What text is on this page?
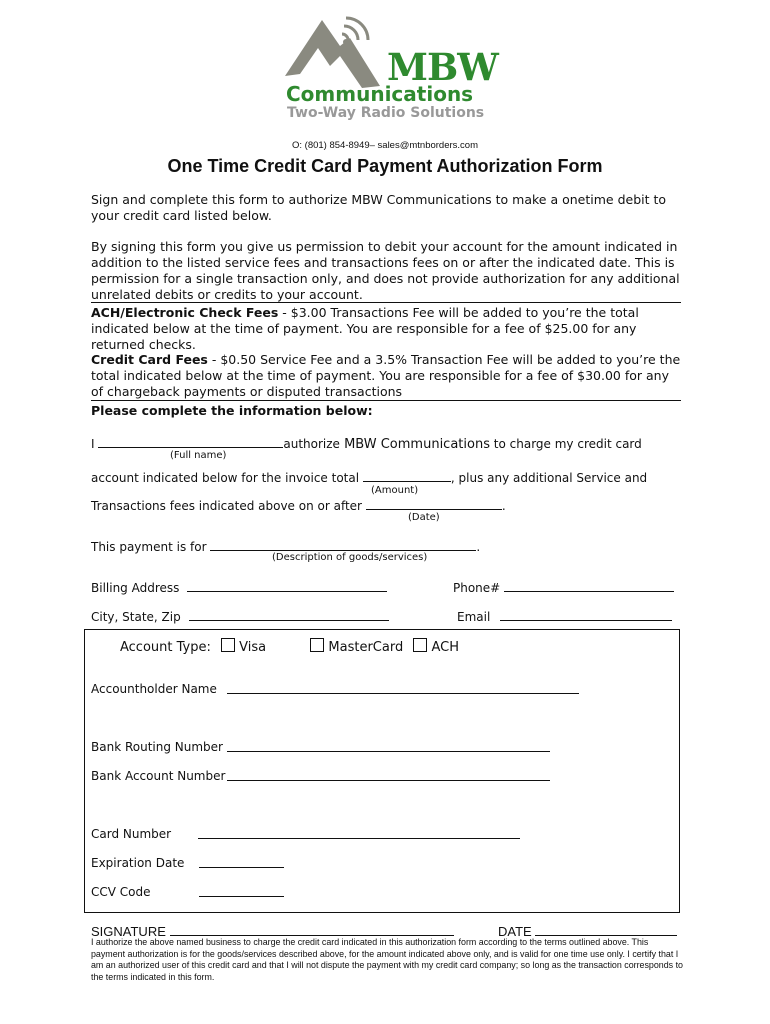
MBW
Communications
Two-Way Radio Solutions
O: (801) 854-8949– sales@mtnborders.com
One Time Credit Card Payment Authorization Form
Sign and complete this form to authorize MBW Communications to make a onetime debit to your credit card listed below.
By signing this form you give us permission to debit your account for the amount indicated in addition to the listed service fees and transactions fees on or after the indicated date. This is permission for a single transaction only, and does not provide authorization for any additional unrelated debits or credits to your account.
ACH/Electronic Check Fees - $3.00 Transactions Fee will be added to you’re the total indicated below at the time of payment. You are responsible for a fee of $25.00 for any returned checks.
Credit Card Fees - $0.50 Service Fee and a 3.5% Transaction Fee will be added to you’re the total indicated below at the time of payment. You are responsible for a fee of $30.00 for any of chargeback payments or disputed transactions
Please complete the information below:
I	authorize MBW Communications to charge my credit card
(Full name)
account indicated below for the invoice total	, plus any additional Service and
(Amount)
Transactions fees indicated above on or after	.
(Date)
This payment is for	.
(Description of goods/services)
Billing Address	Phone#
City, State, Zip	Email
Account Type: Visa	MasterCard ACH
Accountholder Name
Bank Routing Number
Bank Account Number
Card Number
Expiration Date
CCV Code
SIGNATURE	DATE
I authorize the above named business to charge the credit card indicated in this authorization form according to the terms outlined above. This payment authorization is for the goods/services described above, for the amount indicated above only, and is valid for one time use only. I certify that I am an authorized user of this credit card and that I will not dispute the payment with my credit card company; so long as the transaction corresponds to the terms indicated in this form.
